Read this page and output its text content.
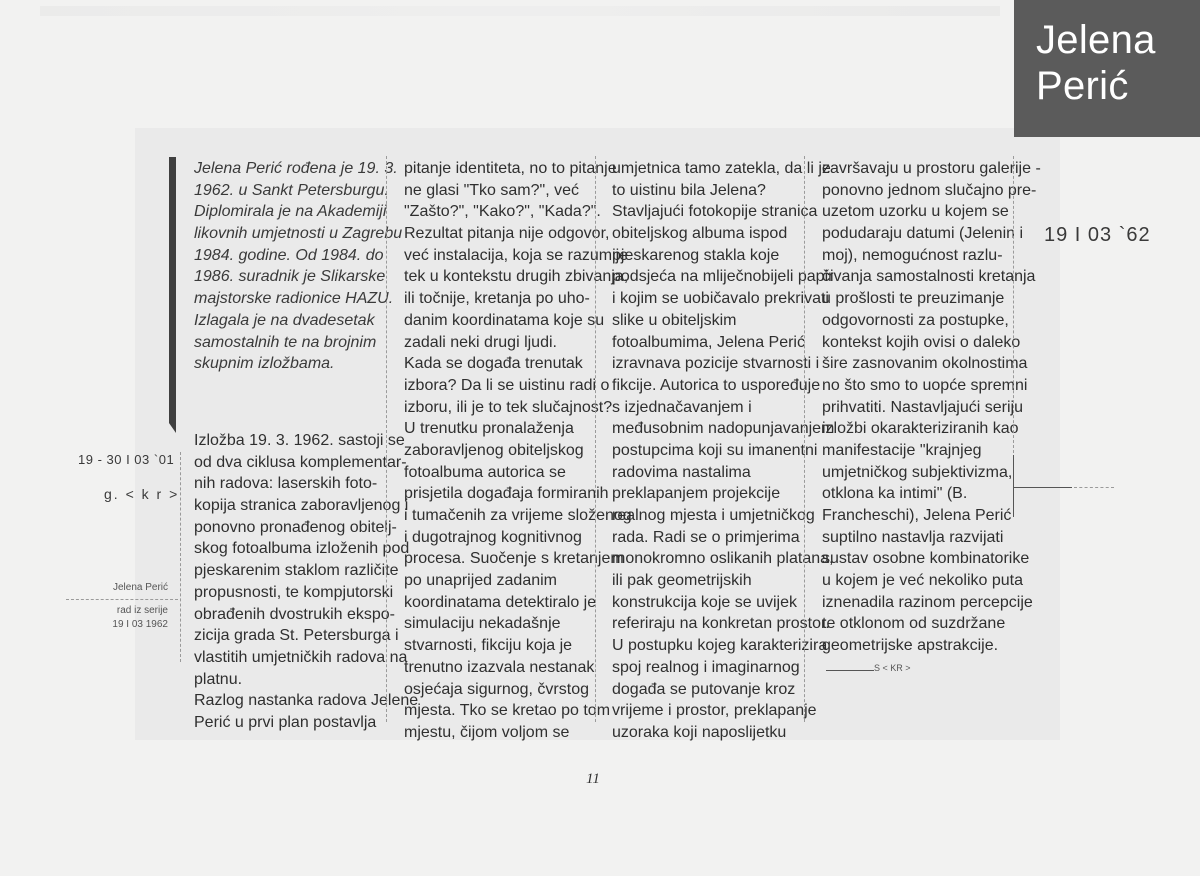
Jelena
Perić
19 I 03 `62
Jelena Perić rođena je 19. 3.
1962. u Sankt Petersburgu.
Diplomirala je na Akademiji
likovnih umjetnosti u Zagrebu
1984. godine. Od 1984. do
1986. suradnik je Slikarske
majstorske radionice HAZU.
Izlagala je na dvadesetak
samostalnih te na brojnim
skupnim izložbama.
Izložba 19. 3. 1962. sastoji se
od dva ciklusa komplementar-
nih radova: laserskih foto-
kopija stranica zaboravljenog i
ponovno pronađenog obitelj-
skog fotoalbuma izloženih pod
pjeskarenim staklom različite
propusnosti, te kompjutorski
obrađenih dvostrukih ekspo-
zicija grada St. Petersburga i
vlastitih umjetničkih radova na
platnu.
Razlog nastanka radova Jelene
Perić u prvi plan postavlja
pitanje identiteta, no to pitanje
ne glasi "Tko sam?", već
"Zašto?", "Kako?", "Kada?".
Rezultat pitanja nije odgovor,
već instalacija, koja se razumije
tek u kontekstu drugih zbivanja,
ili točnije, kretanja po uho-
danim koordinatama koje su
zadali neki drugi ljudi.
Kada se događa trenutak
izbora? Da li se uistinu radi o
izboru, ili je to tek slučajnost?
U trenutku pronalaženja
zaboravljenog obiteljskog
fotoalbuma autorica se
prisjetila događaja formiranih
i tumačenih za vrijeme složenog
i dugotrajnog kognitivnog
procesa. Suočenje s kretanjem
po unaprijed zadanim
koordinatama detektiralo je
simulaciju nekadašnje
stvarnosti, fikciju koja je
trenutno izazvala nestanak
osjećaja sigurnog, čvrstog
mjesta. Tko se kretao po tom
mjestu, čijom voljom se
umjetnica tamo zatekla, da li je
to uistinu bila Jelena?
Stavljajući fotokopije stranica
obiteljskog albuma ispod
pjeskarenog stakla koje
podsjeća na mliječnobijeli papir
i kojim se uobičavalo prekrivati
slike u obiteljskim
fotoalbumima, Jelena Perić
izravnava pozicije stvarnosti i
fikcije. Autorica to uspoređuje
s izjednačavanjem i
međusobnim nadopunjavanjem
postupcima koji su imanentni
radovima nastalima
preklapanjem projekcije
realnog mjesta i umjetničkog
rada. Radi se o primjerima
monokromno oslikanih platana,
ili pak geometrijskih
konstrukcija koje se uvijek
referiraju na konkretan prostor.
U postupku kojeg karakterizira
spoj realnog i imaginarnog
događa se putovanje kroz
vrijeme i prostor, preklapanje
uzoraka koji naposlijetku
završavaju u prostoru galerije -
ponovno jednom slučajno pre-
uzetom uzorku u kojem se
podudaraju datumi (Jelenin i
moj), nemogućnost razlu-
čivanja samostalnosti kretanja
u prošlosti te preuzimanje
odgovornosti za postupke,
kontekst kojih ovisi o daleko
šire zasnovanim okolnostima
no što smo to uopće spremni
prihvatiti. Nastavljajući seriju
izložbi okarakteriziranih kao
manifestacije "krajnjeg
umjetničkog subjektivizma,
otklona ka intimi" (B.
Francheschi), Jelena Perić
suptilno nastavlja razvijati
sustav osobne kombinatorike
u kojem je već nekoliko puta
iznenadila razinom percepcije
te otklonom od suzdržane
geometrijske apstrakcije.
19 - 30 I 03 `01
g. < k r >
Jelena Perić
rad iz serije
19 I 03 1962
S < KR >
11
